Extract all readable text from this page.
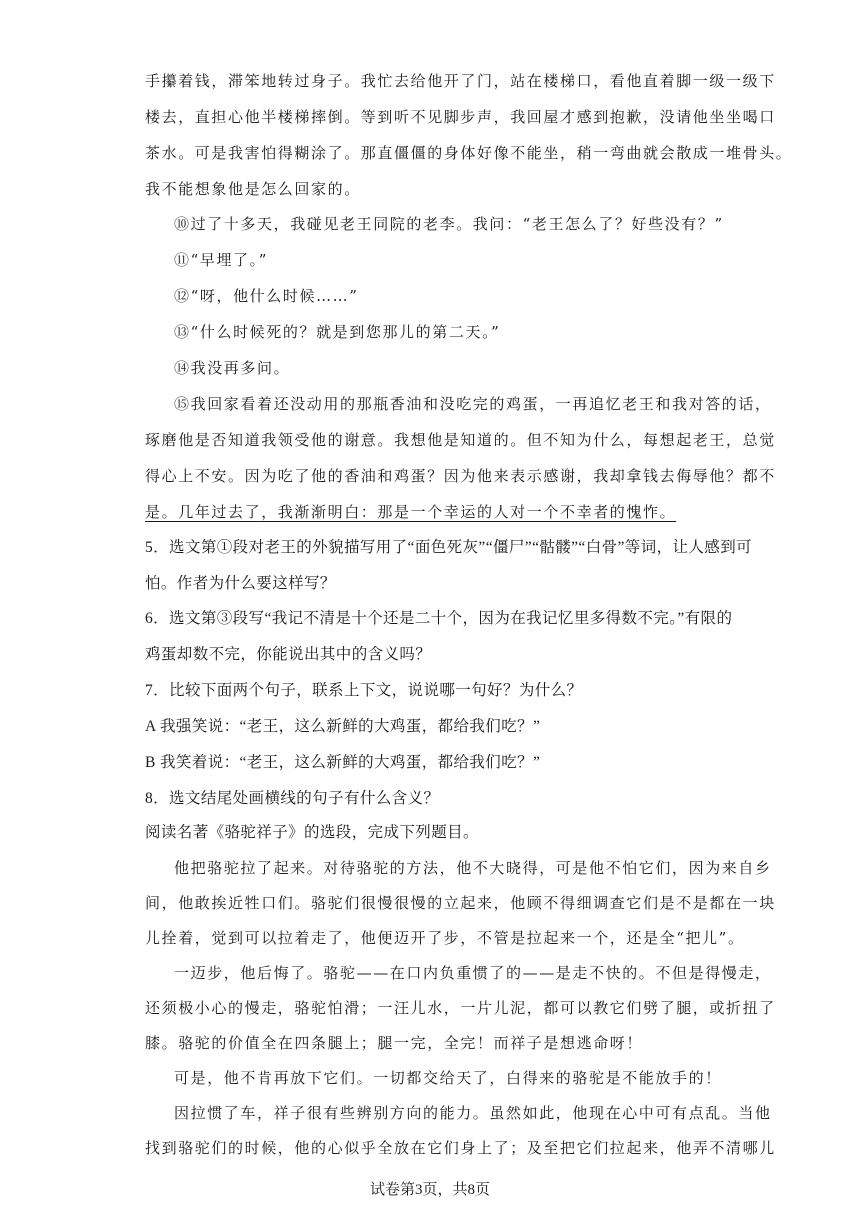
手攥着钱，滞笨地转过身子。我忙去给他开了门，站在楼梯口，看他直着脚一级一级下
楼去，直担心他半楼梯摔倒。等到听不见脚步声，我回屋才感到抱歉，没请他坐坐喝口
茶水。可是我害怕得糊涂了。那直僵僵的身体好像不能坐，稍一弯曲就会散成一堆骨头。
我不能想象他是怎么回家的。
⑩过了十多天，我碰见老王同院的老李。我问：“老王怎么了？好些没有？”
⑪“早埋了。”
⑫“呀，他什么时候……”
⑬“什么时候死的？就是到您那儿的第二天。”
⑭我没再多问。
⑮我回家看着还没动用的那瓶香油和没吃完的鸡蛋，一再追忆老王和我对答的话，
琢磨他是否知道我领受他的谢意。我想他是知道的。但不知为什么，每想起老王，总觉
得心上不安。因为吃了他的香油和鸡蛋？因为他来表示感谢，我却拿钱去侮辱他？都不
是。几年过去了，我渐渐明白：那是一个幸运的人对一个不幸者的愧怍。
5．选文第①段对老王的外貌描写用了“面色死灰”“僵尸”“骷髅”“白骨”等词，让人感到可
怕。作者为什么要这样写？
6．选文第③段写“我记不清是十个还是二十个，因为在我记忆里多得数不完。”有限的
鸡蛋却数不完，你能说出其中的含义吗？
7．比较下面两个句子，联系上下文，说说哪一句好？为什么？
A 我强笑说：“老王，这么新鲜的大鸡蛋，都给我们吃？”
B 我笑着说：“老王，这么新鲜的大鸡蛋，都给我们吃？”
8．选文结尾处画横线的句子有什么含义？
阅读名著《骆驼祥子》的选段，完成下列题目。
他把骆驼拉了起来。对待骆驼的方法，他不大晓得，可是他不怕它们，因为来自乡
间，他敢挨近牲口们。骆驼们很慢很慢的立起来，他顾不得细调查它们是不是都在一块
儿拴着，觉到可以拉着走了，他便迈开了步，不管是拉起来一个，还是全“把儿”。
一迈步，他后悔了。骆驼——在口内负重惯了的——是走不快的。不但是得慢走，
还须极小心的慢走，骆驼怕滑；一汪儿水，一片儿泥，都可以教它们劈了腿，或折扭了
膝。骆驼的价值全在四条腿上；腿一完，全完！而祥子是想逃命呀！
可是，他不肯再放下它们。一切都交给天了，白得来的骆驼是不能放手的！
因拉惯了车，祥子很有些辨别方向的能力。虽然如此，他现在心中可有点乱。当他
找到骆驼们的时候，他的心似乎全放在它们身上了；及至把它们拉起来，他弄不清哪儿
试卷第3页，共8页
